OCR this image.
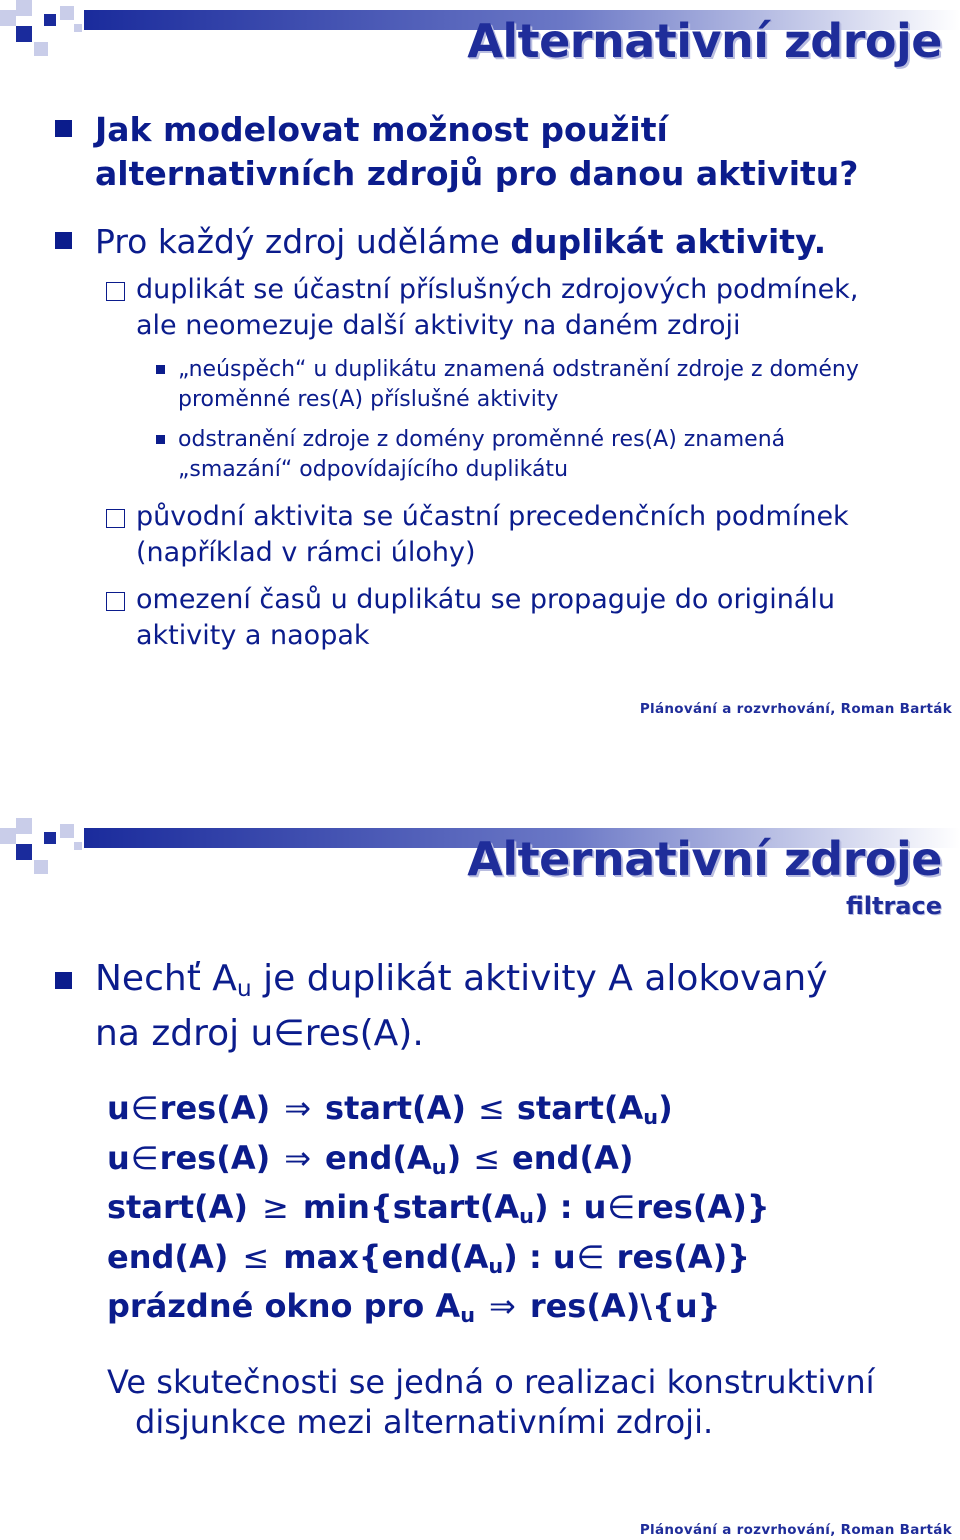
Alternativní zdroje
Jak modelovat možnost použití
alternativních zdrojů pro danou aktivitu?
Pro každý zdroj uděláme duplikát aktivity.
duplikát se účastní příslušných zdrojových podmínek,
ale neomezuje další aktivity na daném zdroji
„neúspěch“ u duplikátu znamená odstranění zdroje z domény
proměnné res(A) příslušné aktivity
odstranění zdroje z domény proměnné res(A) znamená
„smazání“ odpovídajícího duplikátu
původní aktivita se účastní precedenčních podmínek
(například v rámci úlohy)
omezení časů u duplikátu se propaguje do originálu
aktivity a naopak
Plánování a rozvrhování, Roman Barták
Alternativní zdroje
filtrace
Nechť $A_u$ je duplikát aktivity A alokovaný
na zdroj u∈res(A).
u∈res(A) ⇒ start(A) ≤ $start(A_u)$
u∈res(A) ⇒ $end(A_u) \le end(A)$
start(A) ≥ $\min\{start(A_u)$ : u∈res(A)}
$end(A) \le \max\{end(A_u)$ : u∈ res(A)}
prázdné okno pro $A_u$ ⇒ res(A)\{u}
Ve skutečnosti se jedná o realizaci konstruktivní
disjunkce mezi alternativními zdroji.
Plánování a rozvrhování, Roman Barták
